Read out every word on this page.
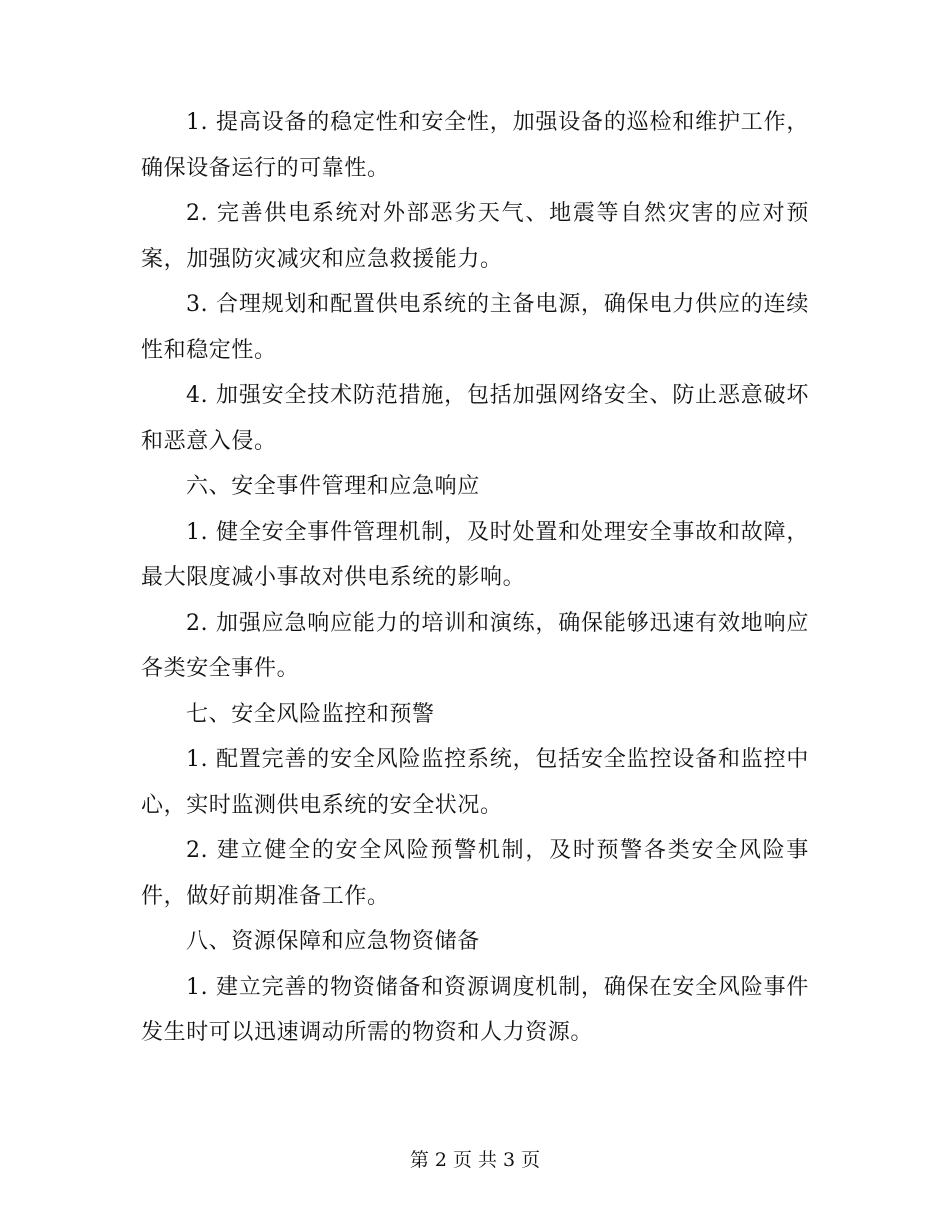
1. 提高设备的稳定性和安全性，加强设备的巡检和维护工作，确保设备运行的可靠性。

2. 完善供电系统对外部恶劣天气、地震等自然灾害的应对预案，加强防灾减灾和应急救援能力。

3. 合理规划和配置供电系统的主备电源，确保电力供应的连续性和稳定性。

4. 加强安全技术防范措施，包括加强网络安全、防止恶意破坏和恶意入侵。

六、安全事件管理和应急响应

1. 健全安全事件管理机制，及时处置和处理安全事故和故障，最大限度减小事故对供电系统的影响。

2. 加强应急响应能力的培训和演练，确保能够迅速有效地响应各类安全事件。

七、安全风险监控和预警

1. 配置完善的安全风险监控系统，包括安全监控设备和监控中心，实时监测供电系统的安全状况。

2. 建立健全的安全风险预警机制，及时预警各类安全风险事件，做好前期准备工作。

八、资源保障和应急物资储备

1. 建立完善的物资储备和资源调度机制，确保在安全风险事件发生时可以迅速调动所需的物资和人力资源。

第 2 页 共 3 页
